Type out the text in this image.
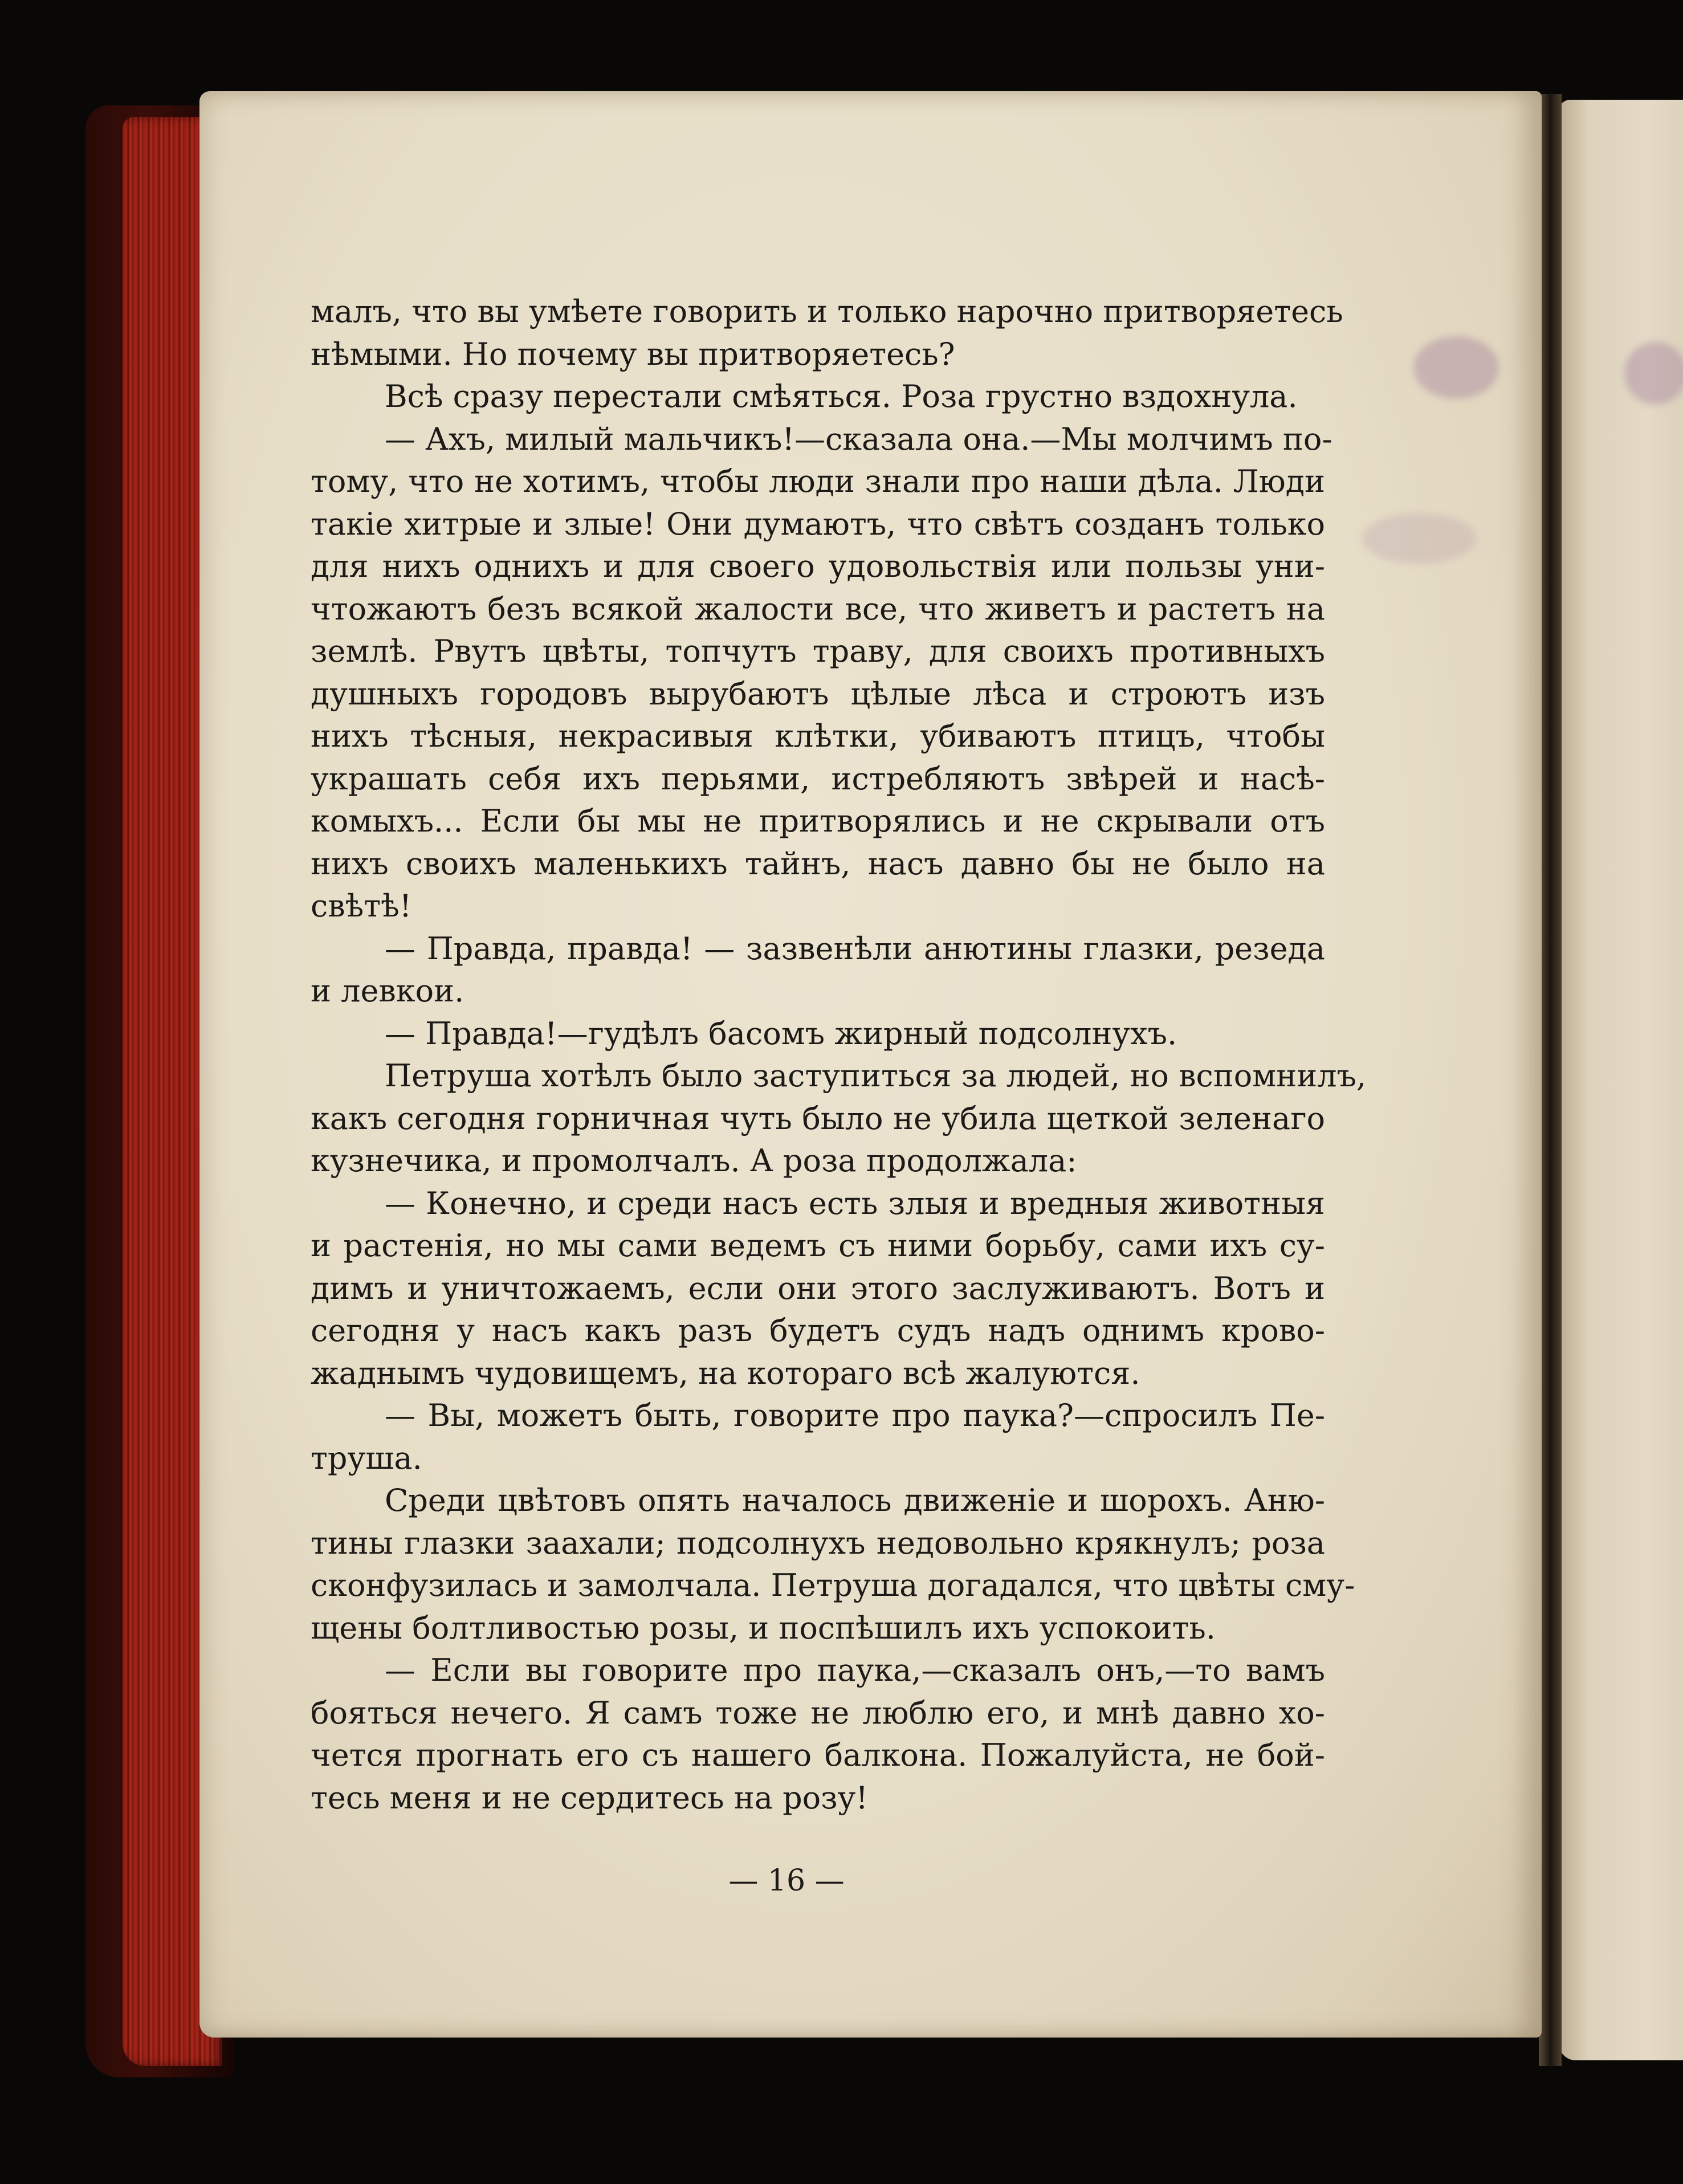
малъ, что вы умѣете говорить и только нарочно притворяетесь
нѣмыми. Но почему вы притворяетесь?
Всѣ сразу перестали смѣяться. Роза грустно вздохнула.
— Ахъ, милый мальчикъ!—сказала она.—Мы молчимъ по-
тому, что не хотимъ, чтобы люди знали про наши дѣла. Люди
такіе хитрые и злые! Они думаютъ, что свѣтъ созданъ только
для нихъ однихъ и для своего удовольствія или пользы уни-
чтожаютъ безъ всякой жалости все, что живетъ и растетъ на
землѣ. Рвутъ цвѣты, топчутъ траву, для своихъ противныхъ
душныхъ городовъ вырубаютъ цѣлые лѣса и строютъ изъ
нихъ тѣсныя, некрасивыя клѣтки, убиваютъ птицъ, чтобы
украшать себя ихъ перьями, истребляютъ звѣрей и насѣ-
комыхъ... Если бы мы не притворялись и не скрывали отъ
нихъ своихъ маленькихъ тайнъ, насъ давно бы не было на
свѣтѣ!
— Правда, правда! — зазвенѣли анютины глазки, резеда
и левкои.
— Правда!—гудѣлъ басомъ жирный подсолнухъ.
Петруша хотѣлъ было заступиться за людей, но вспомнилъ,
какъ сегодня горничная чуть было не убила щеткой зеленаго
кузнечика, и промолчалъ. А роза продолжала:
— Конечно, и среди насъ есть злыя и вредныя животныя
и растенія, но мы сами ведемъ съ ними борьбу, сами ихъ су-
димъ и уничтожаемъ, если они этого заслуживаютъ. Вотъ и
сегодня у насъ какъ разъ будетъ судъ надъ однимъ крово-
жаднымъ чудовищемъ, на котораго всѣ жалуются.
— Вы, можетъ быть, говорите про паука?—спросилъ Пе-
труша.
Среди цвѣтовъ опять началось движеніе и шорохъ. Аню-
тины глазки заахали; подсолнухъ недовольно крякнулъ; роза
сконфузилась и замолчала. Петруша догадался, что цвѣты сму-
щены болтливостью розы, и поспѣшилъ ихъ успокоить.
— Если вы говорите про паука,—сказалъ онъ,—то вамъ
бояться нечего. Я самъ тоже не люблю его, и мнѣ давно хо-
чется прогнать его съ нашего балкона. Пожалуйста, не бой-
тесь меня и не сердитесь на розу!
— 16 —
